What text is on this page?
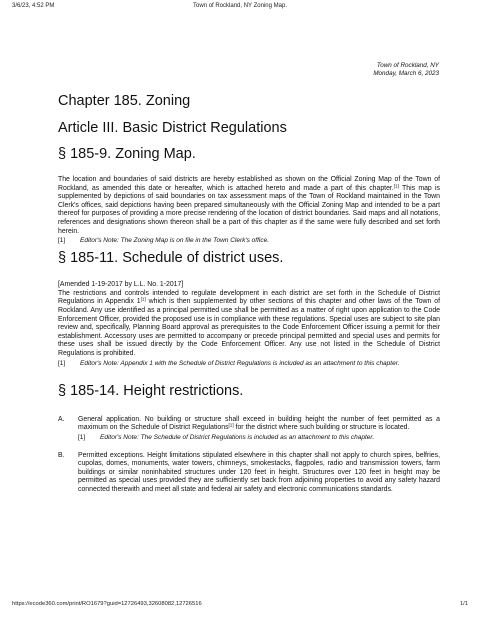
3/6/23, 4:52 PM	Town of Rockland, NY Zoning Map.
Town of Rockland, NY
Monday, March 6, 2023
Chapter 185. Zoning
Article III. Basic District Regulations
§ 185-9. Zoning Map.

The location and boundaries of said districts are hereby established as shown on the Official Zoning Map of the Town of Rockland, as amended this date or hereafter, which is attached hereto and made a part of this chapter.[1] This map is supplemented by depictions of said boundaries on tax assessment maps of the Town of Rockland maintained in the Town Clerk's offices, said depictions having been prepared simultaneously with the Official Zoning Map and intended to be a part thereof for purposes of providing a more precise rendering of the location of district boundaries. Said maps and all notations, references and designations shown thereon shall be a part of this chapter as if the same were fully described and set forth herein.

[1]	Editor's Note: The Zoning Map is on file in the Town Clerk's office.
§ 185-11. Schedule of district uses.

[Amended 1-19-2017 by L.L. No. 1-2017]

The restrictions and controls intended to regulate development in each district are set forth in the Schedule of District Regulations in Appendix 1[1] which is then supplemented by other sections of this chapter and other laws of the Town of Rockland. Any use identified as a principal permitted use shall be permitted as a matter of right upon application to the Code Enforcement Officer, provided the proposed use is in compliance with these regulations. Special uses are subject to site plan review and, specifically, Planning Board approval as prerequisites to the Code Enforcement Officer issuing a permit for their establishment. Accessory uses are permitted to accompany or precede principal permitted and special uses and permits for these uses shall be issued directly by the Code Enforcement Officer. Any use not listed in the Schedule of District Regulations is prohibited.

[1]	Editor's Note: Appendix 1 with the Schedule of District Regulations is included as an attachment to this chapter.
§ 185-14. Height restrictions.
A.	General application. No building or structure shall exceed in building height the number of feet permitted as a maximum on the Schedule of District Regulations[1] for the district where such building or structure is located.
[1]	Editor's Note: The Schedule of District Regulations is included as an attachment to this chapter.
B.	Permitted exceptions. Height limitations stipulated elsewhere in this chapter shall not apply to church spires, belfries, cupolas, domes, monuments, water towers, chimneys, smokestacks, flagpoles, radio and transmission towers, farm buildings or similar noninhabited structures under 120 feet in height. Structures over 120 feet in height may be permitted as special uses provided they are sufficiently set back from adjoining properties to avoid any safety hazard connected therewith and meet all state and federal air safety and electronic communications standards.
https://ecode360.com/print/RO1679?guid=12726493,32608082,12726516	1/1
